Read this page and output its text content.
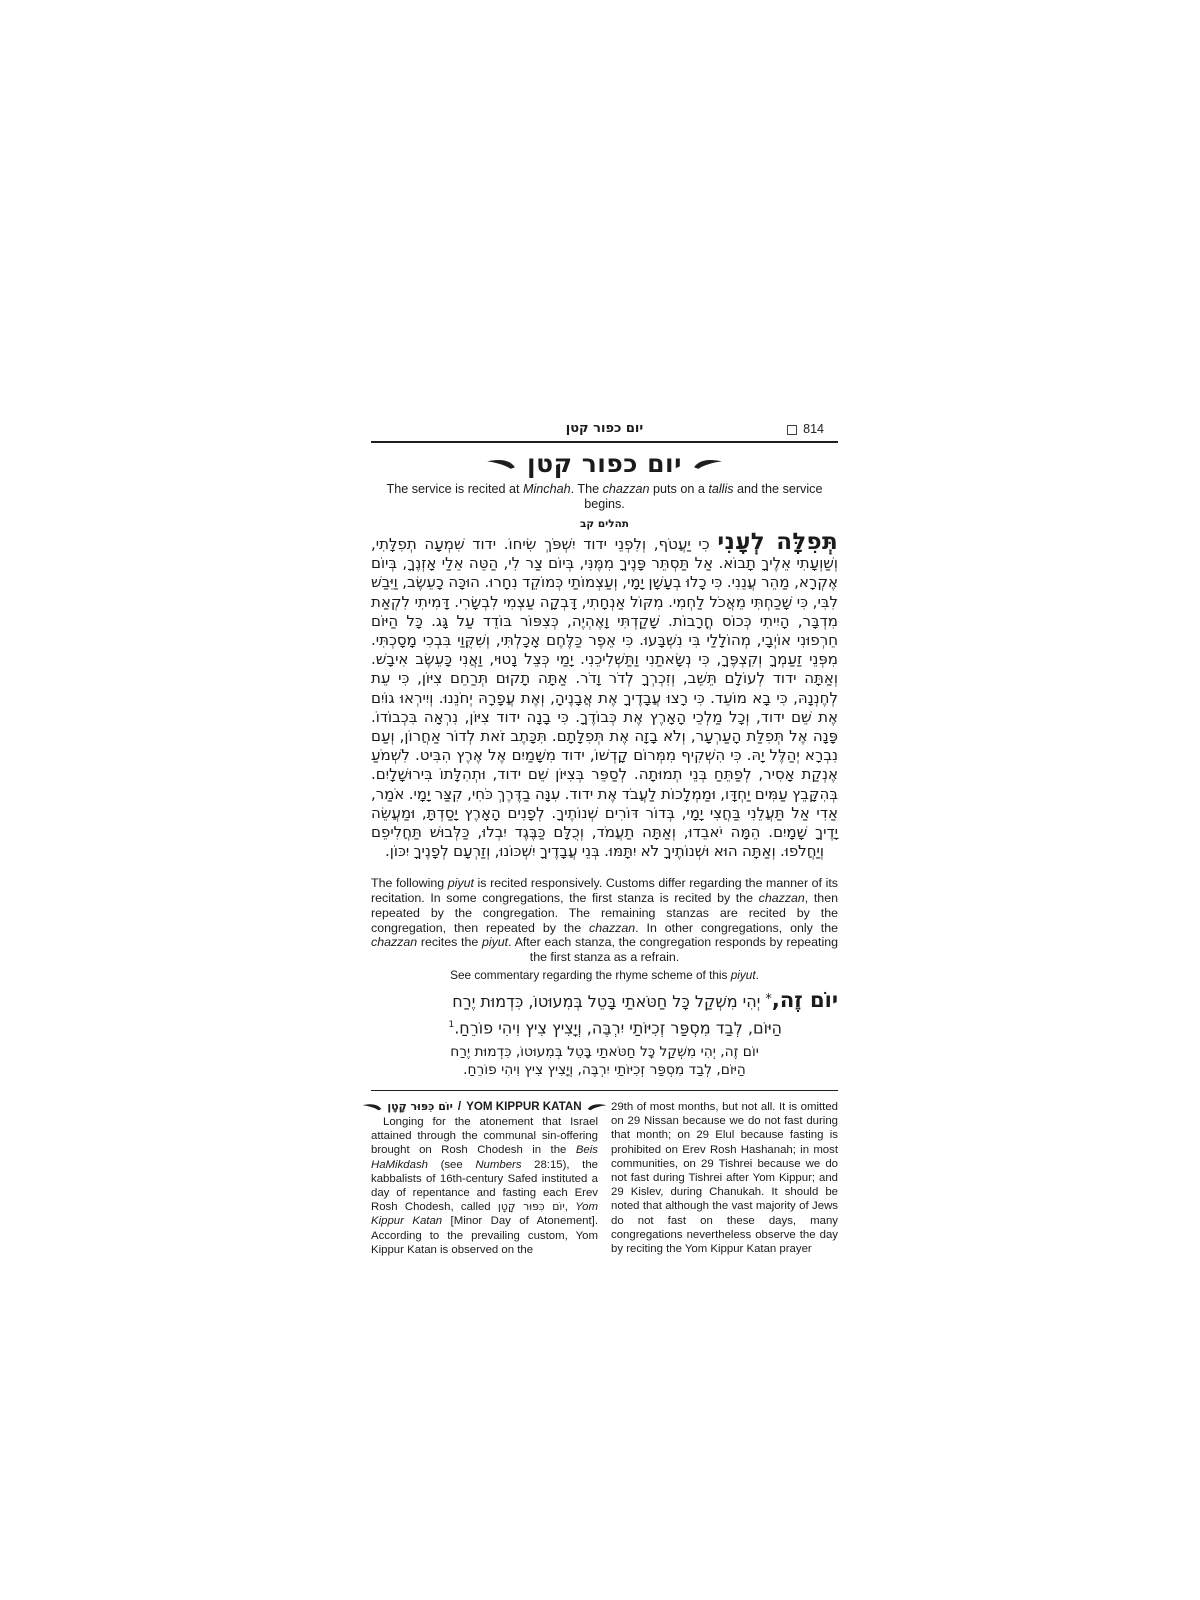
יום כפור קטן	814
יום כפור קטן
The service is recited at Minchah. The chazzan puts on a tallis and the service begins.
תהלים קב

תְּפִלָּה לְעָנִי כִי יַעֲטֹף, וְלִפְנֵי ידוד יִשְׁפֹּךְ שִׂיחוֹ. ידוד שִׁמְעָה תְפִלָּתִי, וְשַׁוְעָתִי אֵלֶיךָ תָבוֹא. אַל תַּסְתֵּר פָּנֶיךָ מִמֶּנִּי, בְּיוֹם צַר לִי, הַטֵּה אֵלַי אָזְנֶךָ, בְּיוֹם אֶקְרָא, מַהֵר עֲנֵנִי. כִּי כָלוּ בְעָשָׁן יָמָי, וְעַצְמוֹתַי כְּמוֹקֵד נִחָרוּ. הוּכָּה כָעֵשֶׂב, וַיִּבַשׁ לִבִּי, כִּי שָׁכַחְתִּי מֵאֲכֹל לַחְמִי. מִקּוֹל אַנְחָתִי, דָּבְקָה עַצְמִי לִבְשָׂרִי. דָּמִיתִי לִקְאַת מִדְבָּר, הָיִיתִי כְּכוֹס חֳרָבוֹת. שָׁקַדְתִּי וָאֶהְיֶה, כְּצִפּוֹר בּוֹדֵד עַל גָּג. כָּל הַיּוֹם חֵרְפוּנִי אוֹיְבָי, מְהוֹלָלַי בִּי נִשְׁבָּעוּ. כִּי אֵפֶר כַּלֶּחֶם אָכָלְתִּי, וְשִׁקֻּוַי בִּבְכִי מָסָכְתִּי. מִפְּנֵי זַעַמְךָ וְקִצְפֶּךָ, כִּי נְשָׂאתַנִי וַתַּשְׁלִיכֵנִי. יָמַי כְּצֵל נָטוּי, וַאֲנִי כָּעֵשֶׂב אִיבָשׁ. וְאַתָּה ידוד לְעוֹלָם תֵּשֵׁב, וְזִכְרְךָ לְדֹר וָדֹר. אַתָּה תָקוּם תְּרַחֵם צִיּוֹן, כִּי עֵת לְחֶנְנָהּ, כִּי בָא מוֹעֵד. כִּי רָצוּ עֲבָדֶיךָ אֶת אֲבָנֶיהָ, וְאֶת עֲפָרָהּ יְחֹנֵנוּ. וְיִירְאוּ גוֹיִם אֶת שֵׁם ידוד, וְכָל מַלְכֵי הָאָרֶץ אֶת כְּבוֹדֶךָ. כִּי בָנָה ידוד צִיּוֹן, נִרְאָה בִּכְבוֹדוֹ. פָּנָה אֶל תְּפִלַּת הָעַרְעָר, וְלֹא בָזָה אֶת תְּפִלָּתָם. תִּכָּתֶב זֹאת לְדוֹר אַחֲרוֹן, וְעַם נִבְרָא יְהַלֶּל יָהּ. כִּי הִשְׁקִיף מִמְּרוֹם קָדְשׁוֹ, ידוד מִשָּׁמַיִם אֶל אֶרֶץ הִבִּיט. לִשְׁמֹעַ אֶנְקַת אָסִיר, לְפַתֵּחַ בְּנֵי תְמוּתָה. לְסַפֵּר בְּצִיּוֹן שֵׁם ידוד, וּתְהִלָּתוֹ בִּירוּשָׁלָיִם. בְּהִקָּבֵץ עַמִּים יַחְדָּו, וּמַמְלָכוֹת לַעֲבֹד אֶת ידוד. עִנָּה בַדֶּרֶךְ כֹּחִי, קִצַּר יָמָי. אֹמַר, אַדִי אַל תַּעֲלֵנִי בַּחֲצִי יָמָי, בְּדוֹר דּוֹרִים שְׁנוֹתֶיךָ. לְפָנִים הָאָרֶץ יָסַדְתָּ, וּמַעֲשֵׂה יָדֶיךָ שָׁמָיִם. הֵמָּה יֹאבֵדוּ, וְאַתָּה תַעֲמֹד, וְכֻלָּם כַּבֶּגֶד יִבְלוּ, כַּלְּבוּשׁ תַּחֲלִיפֵם וְיַחֲלֹפוּ. וְאַתָּה הוּא וּשְׁנוֹתֶיךָ לֹא יִתָּמּוּ. בְּנֵי עֲבָדֶיךָ יִשְׁכּוֹנוּ, וְזַרְעָם לְפָנֶיךָ יִכּוֹן.

The following piyut is recited responsively. Customs differ regarding the manner of its recitation. In some congregations, the first stanza is recited by the chazzan, then repeated by the congregation. The remaining stanzas are recited by the congregation, then repeated by the chazzan. In other congregations, only the chazzan recites the piyut. After each stanza, the congregation responds by repeating the first stanza as a refrain.
See commentary regarding the rhyme scheme of this piyut.
יוֹם זֶה,* יְהִי מִשְׁקַל כָּל חַטֹּאתַי בָּטֵל בְּמִעוּטוֹ, כִּדְמוּת יֶרַח
הַיּוֹם, לְבַד מִסְפַּר זְכִיּוֹתַי יִרְבֶּה, וְיָצִיץ צִיץ וִיהִי פוֹרֵחַ.$^1$
יוֹם זֶה, יְהִי מִשְׁקַל כָּל חַטֹּאתַי בָּטֵל בְּמִעוּטוֹ, כִּדְמוּת יֶרַח
הַיּוֹם, לְבַד מִסְפַּר זְכִיּוֹתַי יִרְבֶּה, וְיָצִיץ צִיץ וִיהִי פוֹרֵחַ.
יוֹם כִּפּוּר קָטָן / YOM KIPPUR KATAN

Longing for the atonement that Israel attained through the communal sin-offering brought on Rosh Chodesh in the Beis HaMikdash (see Numbers 28:15), the kabbalists of 16th-century Safed instituted a day of repentance and fasting each Erev Rosh Chodesh, called יוֹם כִּפּוּר קָטָן, Yom Kippur Katan [Minor Day of Atonement]. According to the prevailing custom, Yom Kippur Katan is observed on the

29th of most months, but not all. It is omitted on 29 Nissan because we do not fast during that month; on 29 Elul because fasting is prohibited on Erev Rosh Hashanah; in most communities, on 29 Tishrei because we do not fast during Tishrei after Yom Kippur; and 29 Kislev, during Chanukah. It should be noted that although the vast majority of Jews do not fast on these days, many congregations nevertheless observe the day by reciting the Yom Kippur Katan prayer
